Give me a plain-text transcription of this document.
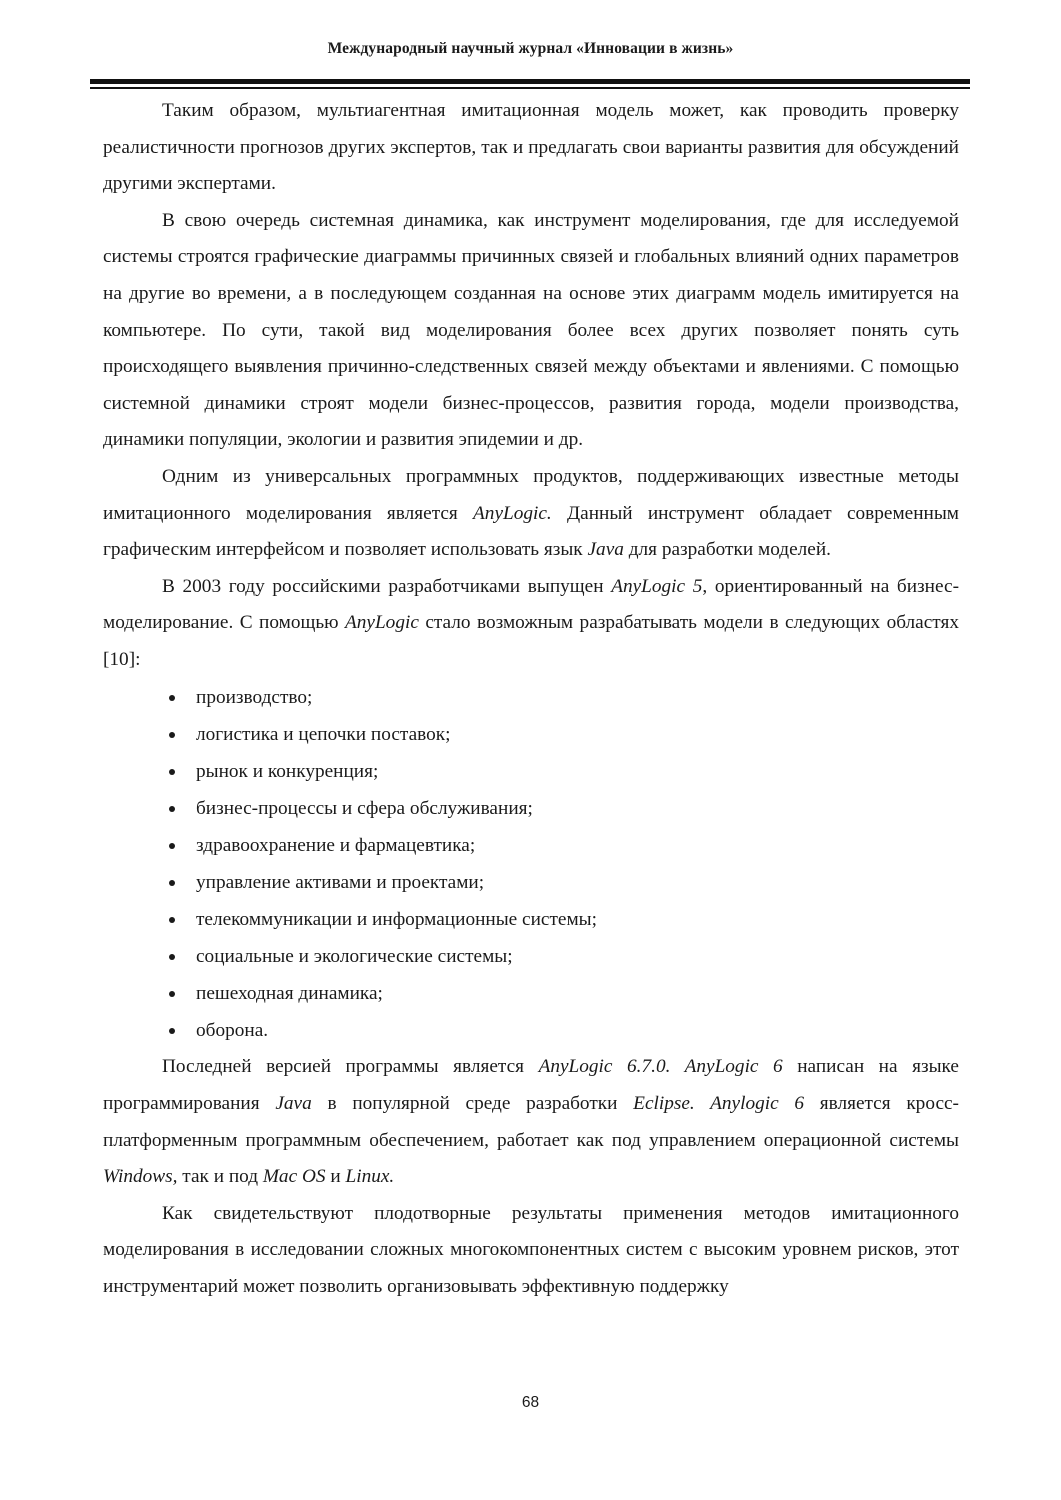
Международный научный журнал «Инновации в жизнь»

Таким образом, мультиагентная имитационная модель может, как проводить проверку реалистичности прогнозов других экспертов, так и предлагать свои варианты развития для обсуждений другими экспертами.

В свою очередь системная динамика, как инструмент моделирования, где для исследуемой системы строятся графические диаграммы причинных связей и глобальных влияний одних параметров на другие во времени, а в последующем созданная на основе этих диаграмм модель имитируется на компьютере. По сути, такой вид моделирования более всех других позволяет понять суть происходящего выявления причинно-следственных связей между объектами и явлениями. С помощью системной динамики строят модели бизнес-процессов, развития города, модели производства, динамики популяции, экологии и развития эпидемии и др.

Одним из универсальных программных продуктов, поддерживающих известные методы имитационного моделирования является AnyLogic. Данный инструмент обладает современным графическим интерфейсом и позволяет использовать язык Java для разработки моделей.

В 2003 году российскими разработчиками выпущен AnyLogic 5, ориентированный на бизнес-моделирование. С помощью AnyLogic стало возможным разрабатывать модели в следующих областях [10]:

производство;
логистика и цепочки поставок;
рынок и конкуренция;
бизнес-процессы и сфера обслуживания;
здравоохранение и фармацевтика;
управление активами и проектами;
телекоммуникации и информационные системы;
социальные и экологические системы;
пешеходная динамика;
оборона.

Последней версией программы является AnyLogic 6.7.0. AnyLogic 6 написан на языке программирования Java в популярной среде разработки Eclipse. Anylogic 6 является кросс-платформенным программным обеспечением, работает как под управлением операционной системы Windows, так и под Mac OS и Linux.

Как свидетельствуют плодотворные результаты применения методов имитационного моделирования в исследовании сложных многокомпонентных систем с высоким уровнем рисков, этот инструментарий может позволить организовывать эффективную поддержку

68
